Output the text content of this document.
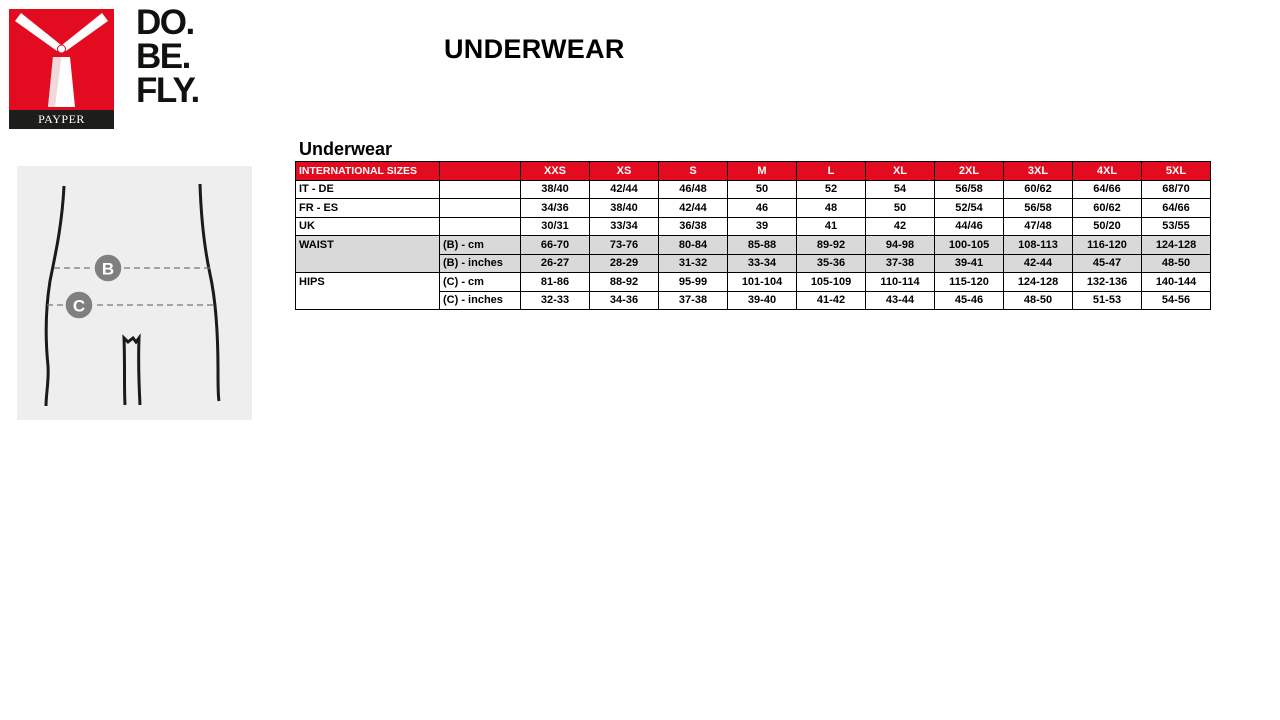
PAYPER
DO.
BE.
FLY.
UNDERWEAR
B
C
Underwear
INTERNATIONAL SIZES		XXS	XS	S	M	L	XL	2XL	3XL	4XL	5XL
IT - DE		38/40	42/44	46/48	50	52	54	56/58	60/62	64/66	68/70
FR - ES		34/36	38/40	42/44	46	48	50	52/54	56/58	60/62	64/66
UK		30/31	33/34	36/38	39	41	42	44/46	47/48	50/20	53/55
WAIST	(B) - cm	66-70	73-76	80-84	85-88	89-92	94-98	100-105	108-113	116-120	124-128
	(B) - inches	26-27	28-29	31-32	33-34	35-36	37-38	39-41	42-44	45-47	48-50
HIPS	(C) - cm	81-86	88-92	95-99	101-104	105-109	110-114	115-120	124-128	132-136	140-144
	(C) - inches	32-33	34-36	37-38	39-40	41-42	43-44	45-46	48-50	51-53	54-56
